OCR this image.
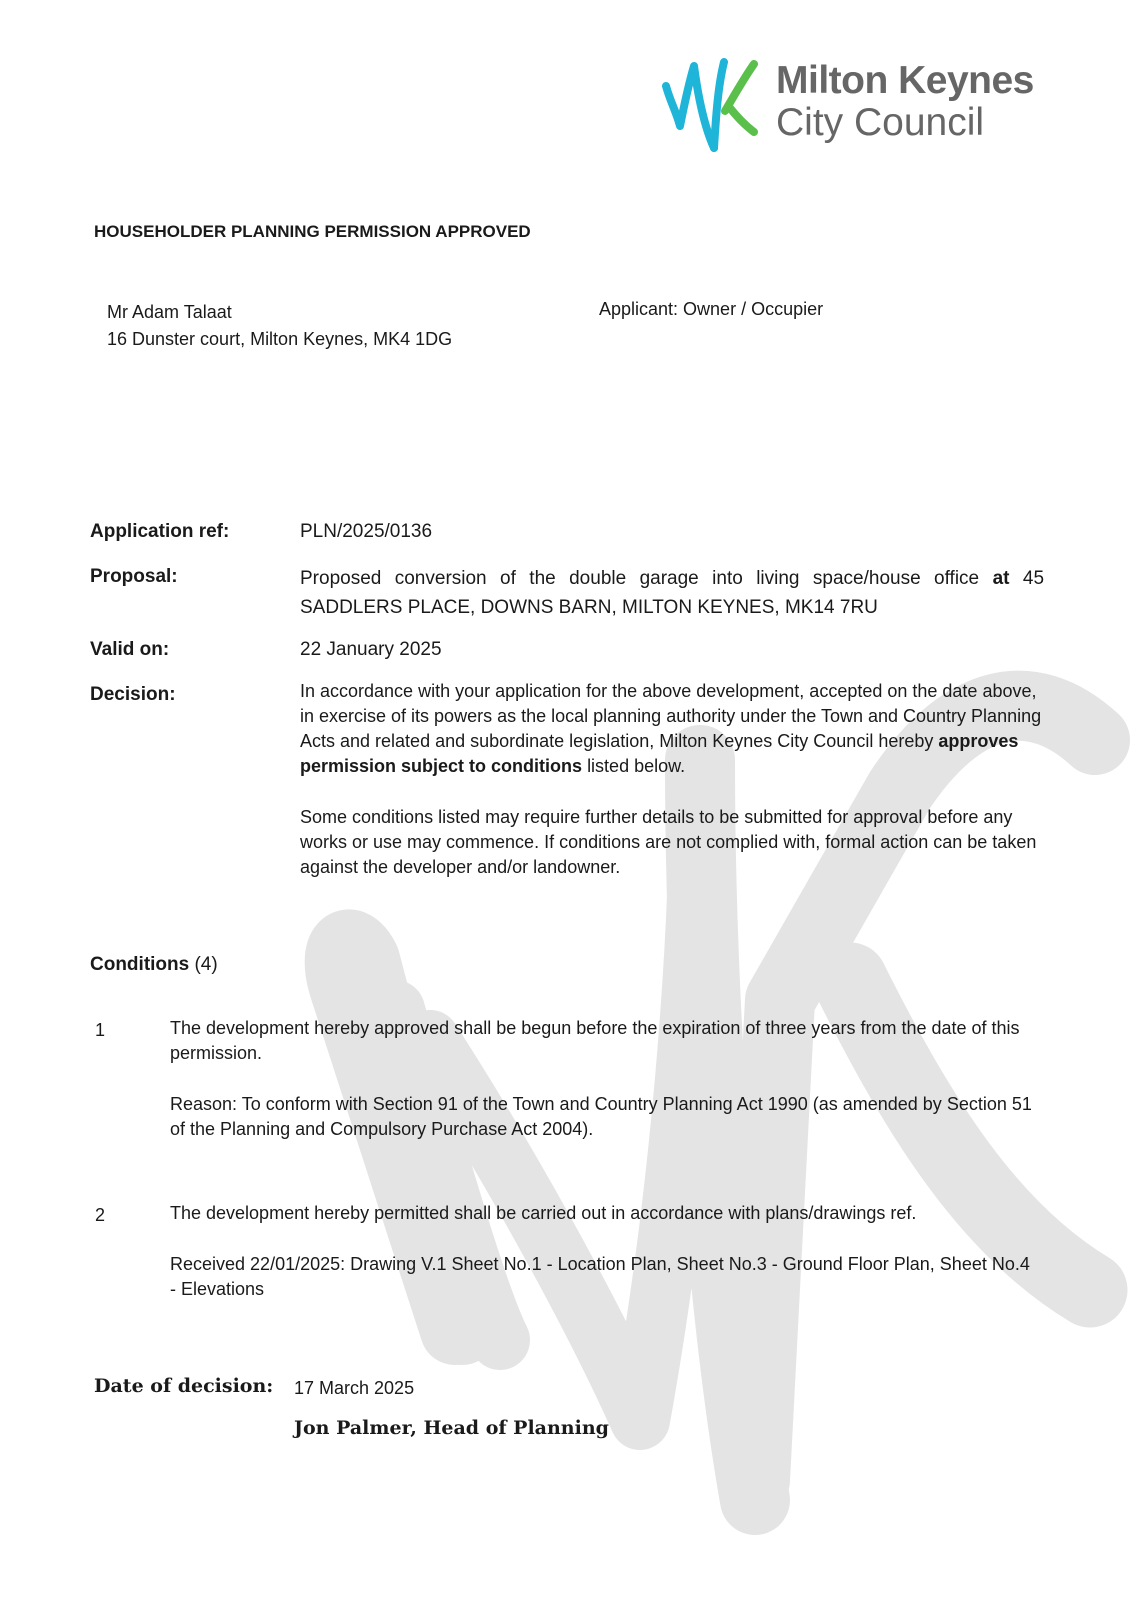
Milton Keynes
City Council
HOUSEHOLDER PLANNING PERMISSION APPROVED
Mr Adam Talaat
16 Dunster court, Milton Keynes, MK4 1DG
Applicant: Owner / Occupier
Application ref:	PLN/2025/0136
Proposal:	Proposed conversion of the double garage into living space/house office at 45 SADDLERS PLACE, DOWNS BARN, MILTON KEYNES, MK14 7RU
Valid on:	22 January 2025
Decision:	In accordance with your application for the above development, accepted on the date above, in exercise of its powers as the local planning authority under the Town and Country Planning Acts and related and subordinate legislation, Milton Keynes City Council hereby approves permission subject to conditions listed below.
Some conditions listed may require further details to be submitted for approval before any works or use may commence. If conditions are not complied with, formal action can be taken against the developer and/or landowner.
Conditions (4)
1	The development hereby approved shall be begun before the expiration of three years from the date of this permission.
Reason: To conform with Section 91 of the Town and Country Planning Act 1990 (as amended by Section 51 of the Planning and Compulsory Purchase Act 2004).
2	The development hereby permitted shall be carried out in accordance with plans/drawings ref.
Received 22/01/2025: Drawing V.1 Sheet No.1 - Location Plan, Sheet No.3 - Ground Floor Plan, Sheet No.4 - Elevations
Date of decision: 17 March 2025
Jon Palmer, Head of Planning
